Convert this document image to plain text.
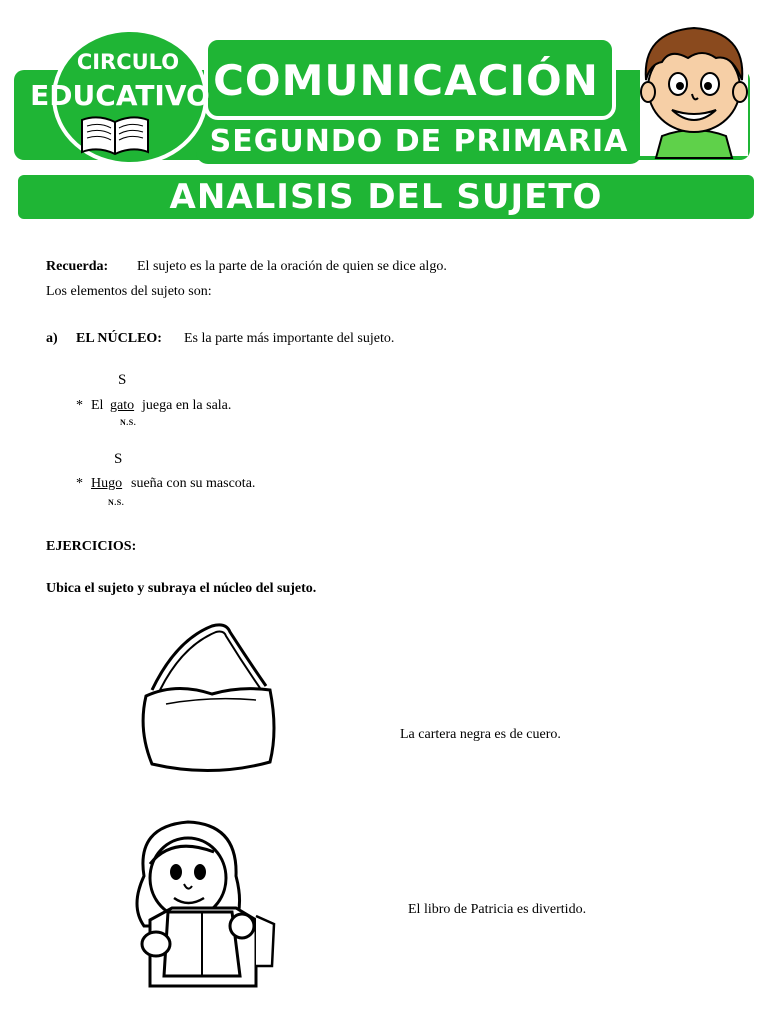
COMUNICACIÓN
SEGUNDO DE PRIMARIA
CIRCULO
EDUCATIVO
ANALISIS DEL SUJETO
Recuerda: El sujeto es la parte de la oración de quien se dice algo.
Los elementos del sujeto son:
a) EL NÚCLEO: Es la parte más importante del sujeto.
S
* El gato juega en la sala.
N.S.
S
* Hugo sueña con su mascota.
N.S.
EJERCICIOS:
Ubica el sujeto y subraya el núcleo del sujeto.
La cartera negra es de cuero.
El libro de Patricia es divertido.
